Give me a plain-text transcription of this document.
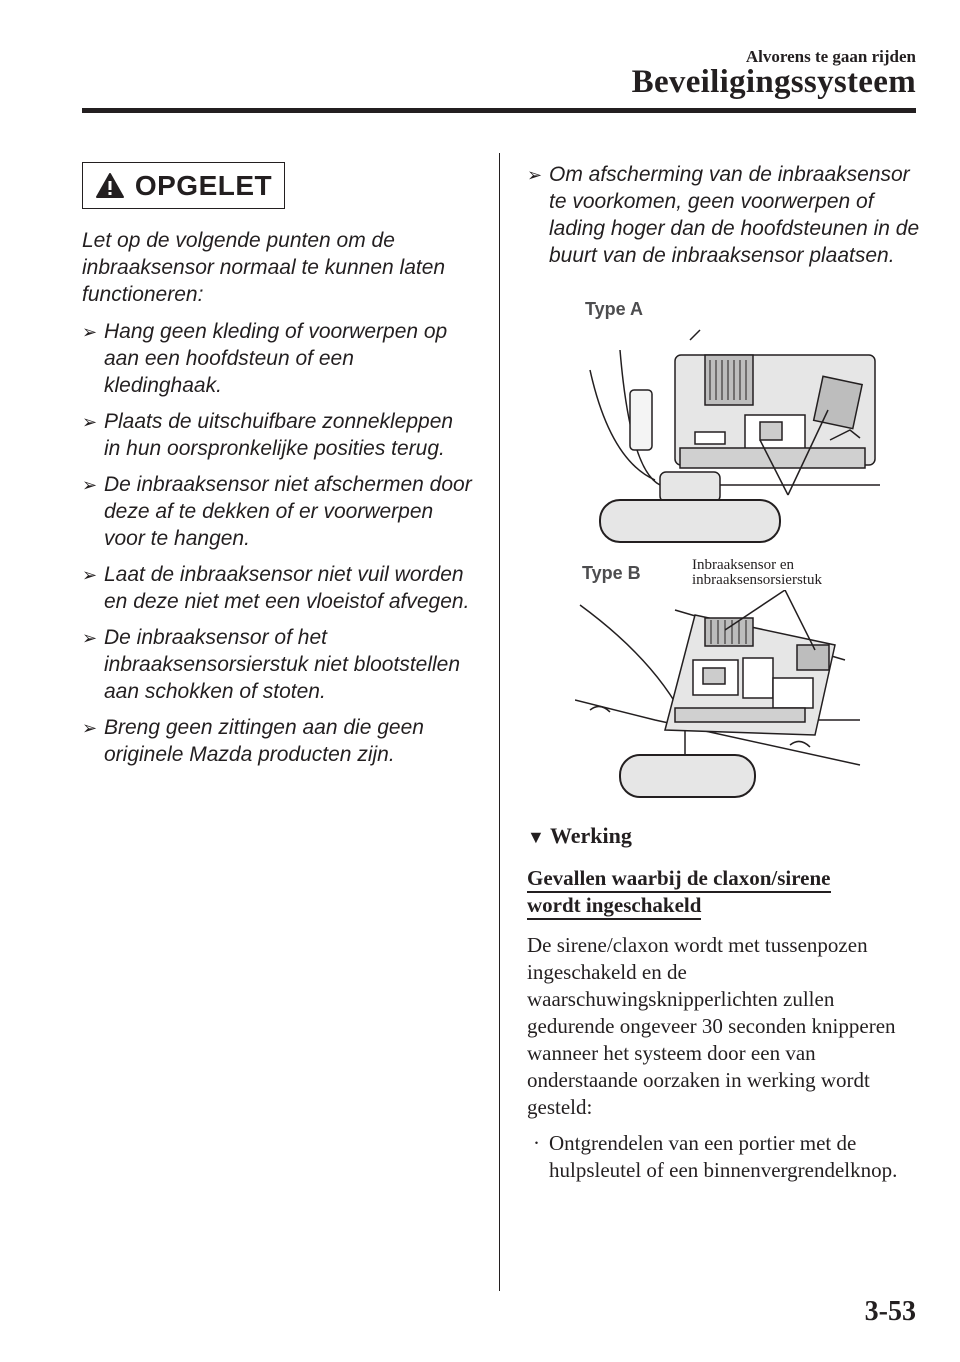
Alvorens te gaan rijden
Beveiligingssysteem
OPGELET
Let op de volgende punten om de inbraaksensor normaal te kunnen laten functioneren:
➢ Hang geen kleding of voorwerpen op aan een hoofdsteun of een kledinghaak.
➢ Plaats de uitschuifbare zonnekleppen in hun oorspronkelijke posities terug.
➢ De inbraaksensor niet afschermen door deze af te dekken of er voorwerpen voor te hangen.
➢ Laat de inbraaksensor niet vuil worden en deze niet met een vloeistof afvegen.
➢ De inbraaksensor of het inbraaksensorsierstuk niet blootstellen aan schokken of stoten.
➢ Breng geen zittingen aan die geen originele Mazda producten zijn.
➢ Om afscherming van de inbraaksensor te voorkomen, geen voorwerpen of lading hoger dan de hoofdsteunen in de buurt van de inbraaksensor plaatsen.
Type A
Type B	Inbraaksensor en
inbraaksensorsierstuk
▼ Werking
Gevallen waarbij de claxon/sirene wordt ingeschakeld
De sirene/claxon wordt met tussenpozen ingeschakeld en de waarschuwingsknipperlichten zullen gedurende ongeveer 30 seconden knipperen wanneer het systeem door een van onderstaande oorzaken in werking wordt gesteld:
· Ontgrendelen van een portier met de hulpsleutel of een binnenvergrendelknop.
3-53
